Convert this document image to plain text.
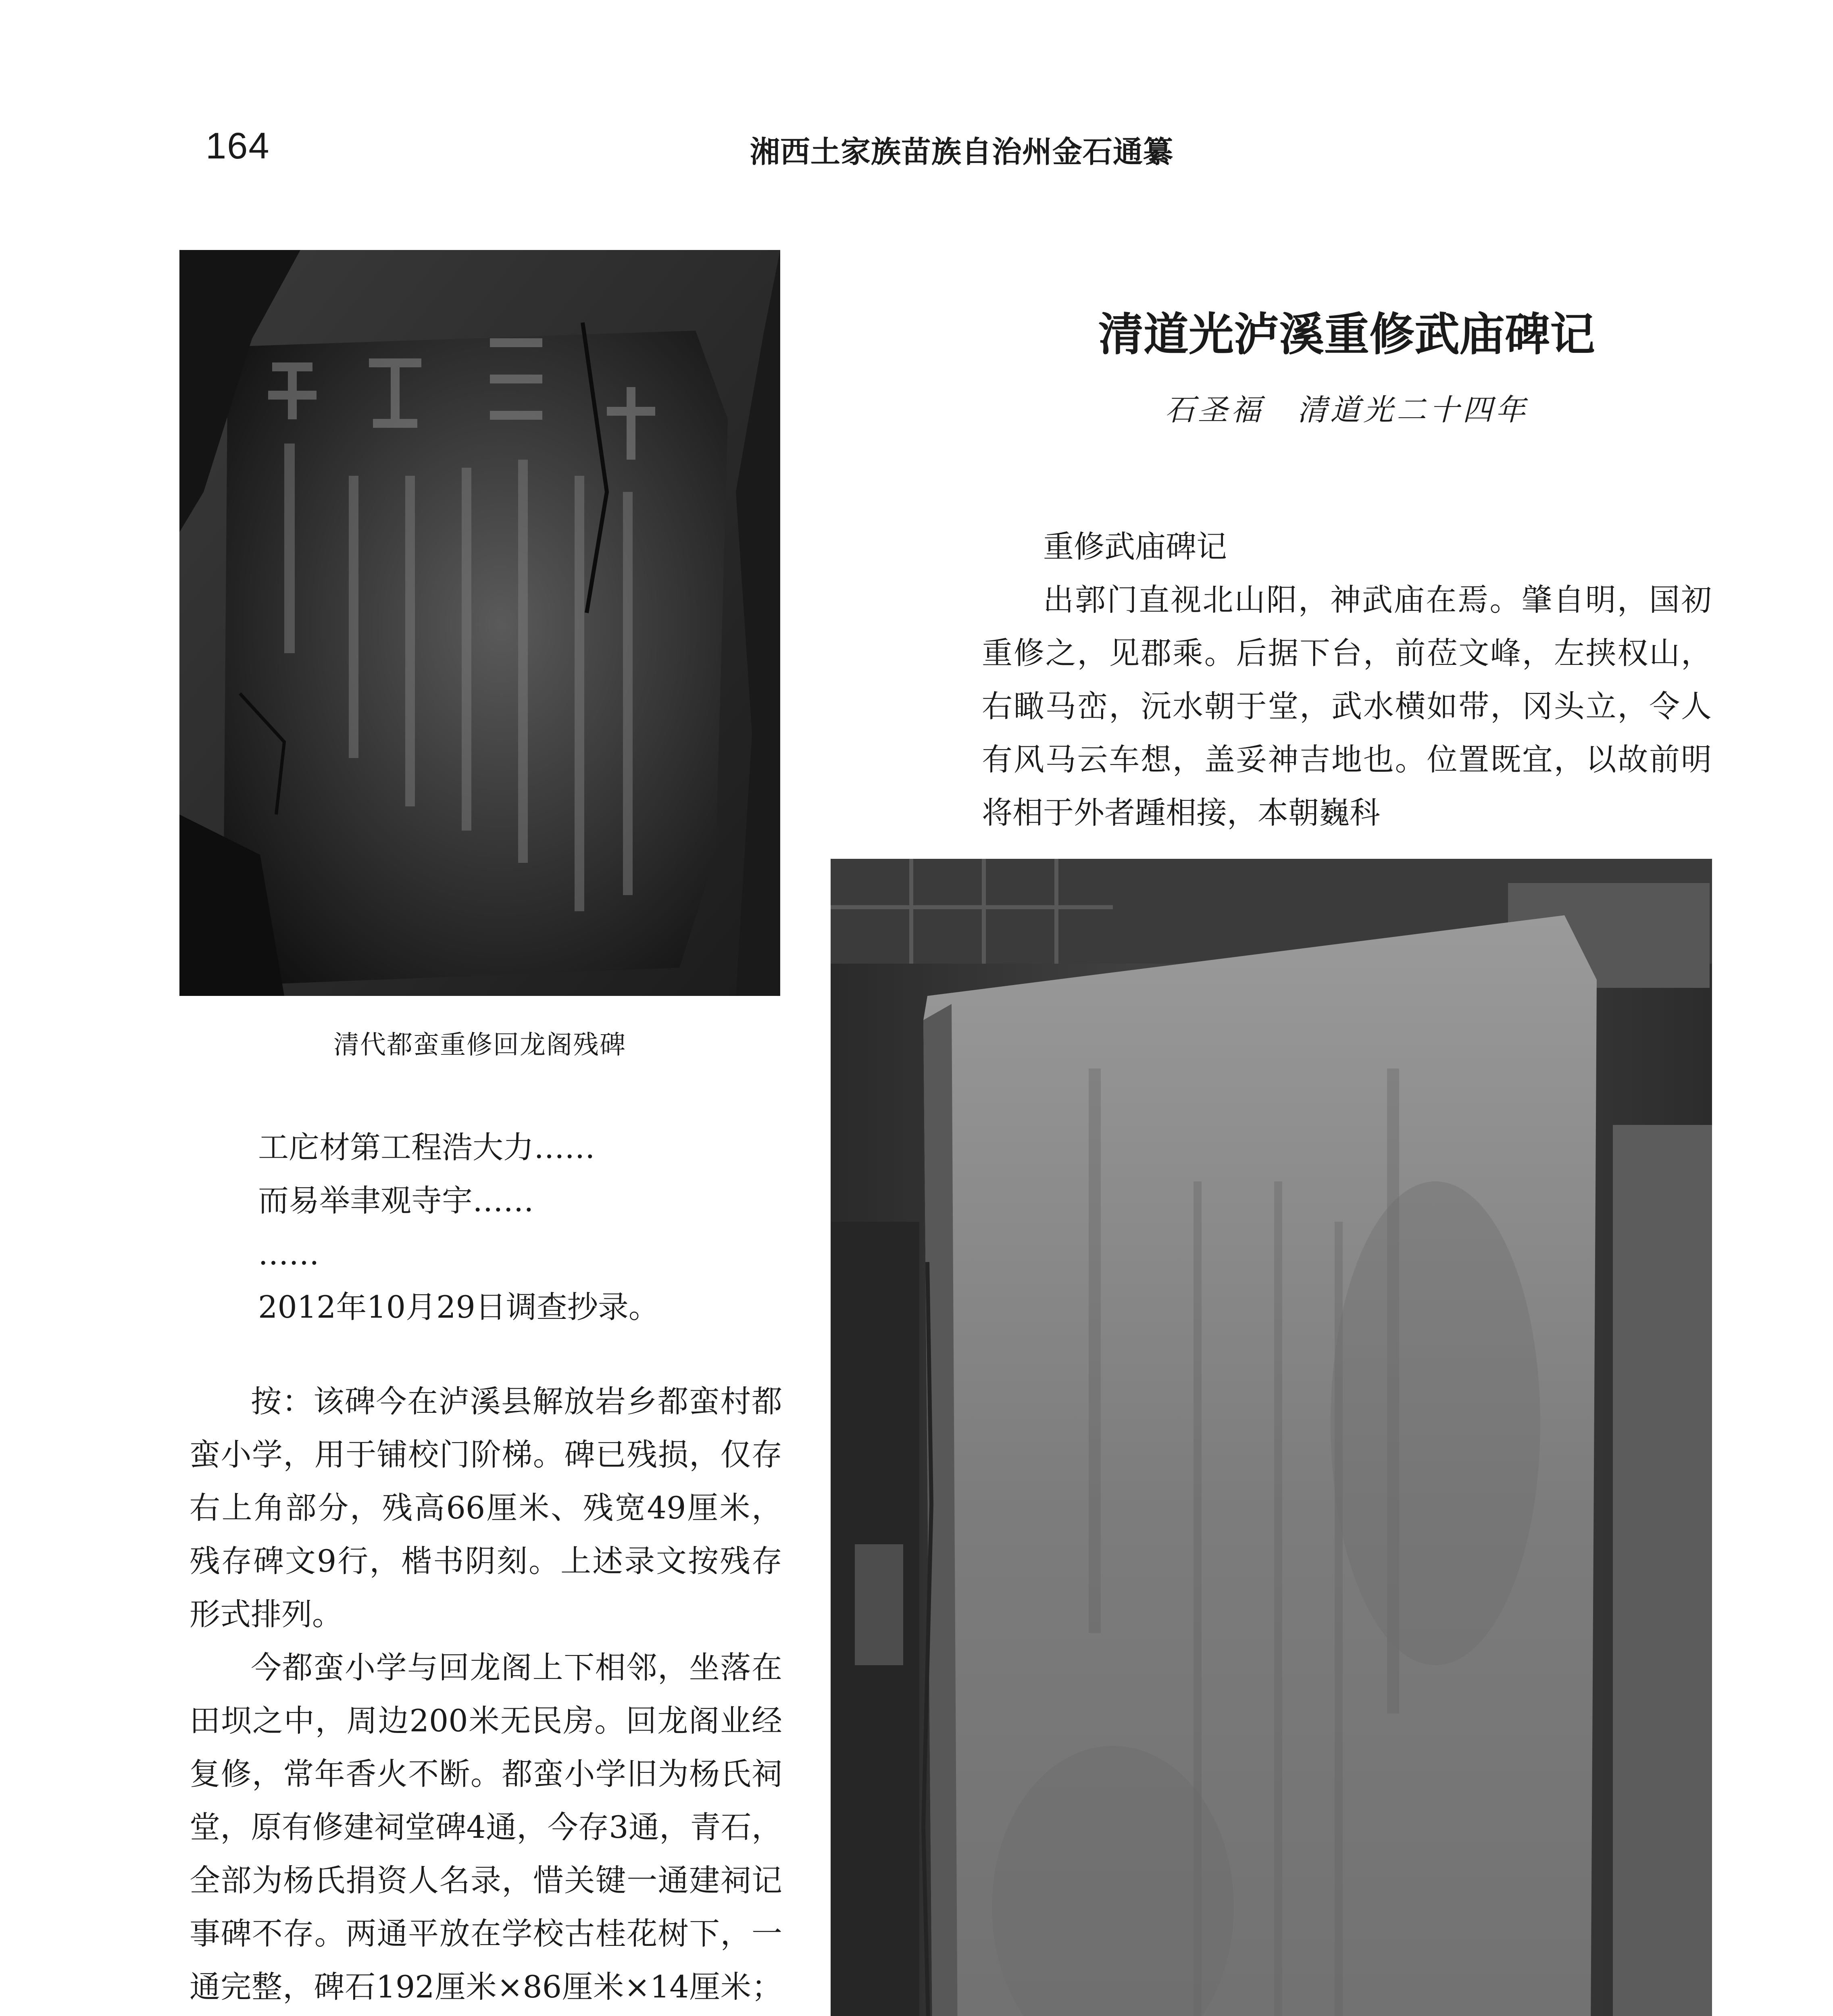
164	湘西土家族苗族自治州金石通纂
清代都蛮重修回龙阁残碑
清道光泸溪重修武庙碑记
石圣福　清道光二十四年

重修武庙碑记

出郭门直视北山阳，神武庙在焉。肇自明，国初重修之，见郡乘。后据下台，前莅文峰，左挟权山，右瞰马峦，沅水朝于堂，武水横如带，冈头立，令人有风马云车想，盖妥神吉地也。位置既宜，以故前明将相于外者踵相接，本朝巍科

工庀材第工程浩大力……

而易举聿观寺宇……

……

2012年10月29日调查抄录。

按：该碑今在泸溪县解放岩乡都蛮村都蛮小学，用于铺校门阶梯。碑已残损，仅存右上角部分，残高66厘米、残宽49厘米，残存碑文9行，楷书阴刻。上述录文按残存形式排列。

今都蛮小学与回龙阁上下相邻，坐落在田坝之中，周边200米无民房。回龙阁业经复修，常年香火不断。都蛮小学旧为杨氏祠堂，原有修建祠堂碑4通，今存3通，青石，全部为杨氏捐资人名录，惜关键一通建祠记事碑不存。两通平放在学校古桂花树下，一通完整，碑石192厘米×86厘米×14厘米；
